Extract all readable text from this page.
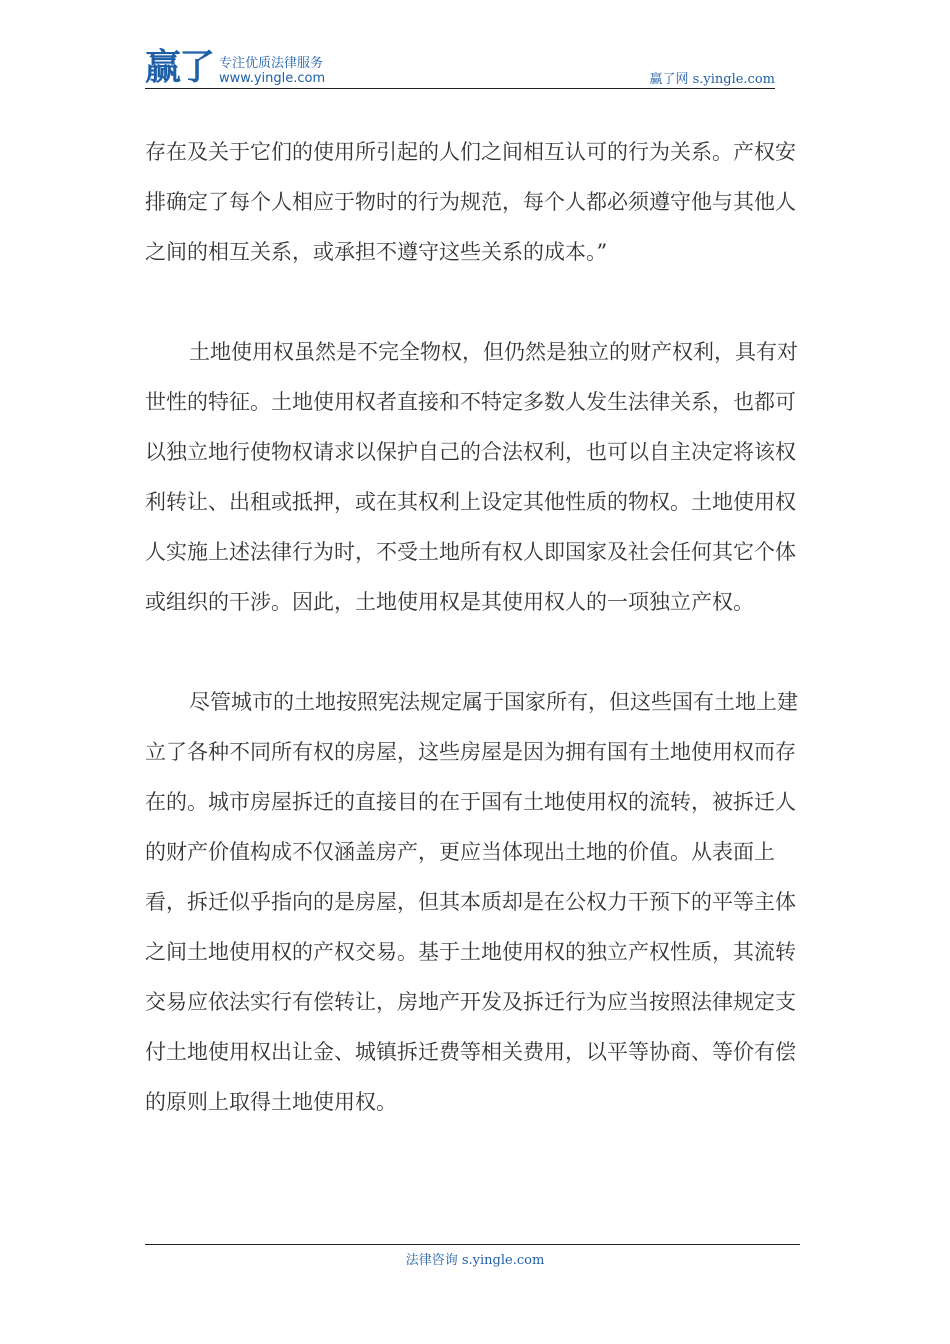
赢了 专注优质法律服务
www.yingle.com	赢了网 s.yingle.com

存在及关于它们的使用所引起的人们之间相互认可的行为关系。产权安排确定了每个人相应于物时的行为规范，每个人都必须遵守他与其他人之间的相互关系，或承担不遵守这些关系的成本。”

土地使用权虽然是不完全物权，但仍然是独立的财产权利，具有对世性的特征。土地使用权者直接和不特定多数人发生法律关系，也都可以独立地行使物权请求以保护自己的合法权利，也可以自主决定将该权利转让、出租或抵押，或在其权利上设定其他性质的物权。土地使用权人实施上述法律行为时，不受土地所有权人即国家及社会任何其它个体或组织的干涉。因此，土地使用权是其使用权人的一项独立产权。

尽管城市的土地按照宪法规定属于国家所有，但这些国有土地上建立了各种不同所有权的房屋，这些房屋是因为拥有国有土地使用权而存在的。城市房屋拆迁的直接目的在于国有土地使用权的流转，被拆迁人的财产价值构成不仅涵盖房产，更应当体现出土地的价值。从表面上看，拆迁似乎指向的是房屋，但其本质却是在公权力干预下的平等主体之间土地使用权的产权交易。基于土地使用权的独立产权性质，其流转交易应依法实行有偿转让，房地产开发及拆迁行为应当按照法律规定支付土地使用权出让金、城镇拆迁费等相关费用，以平等协商、等价有偿的原则上取得土地使用权。

法律咨询 s.yingle.com
